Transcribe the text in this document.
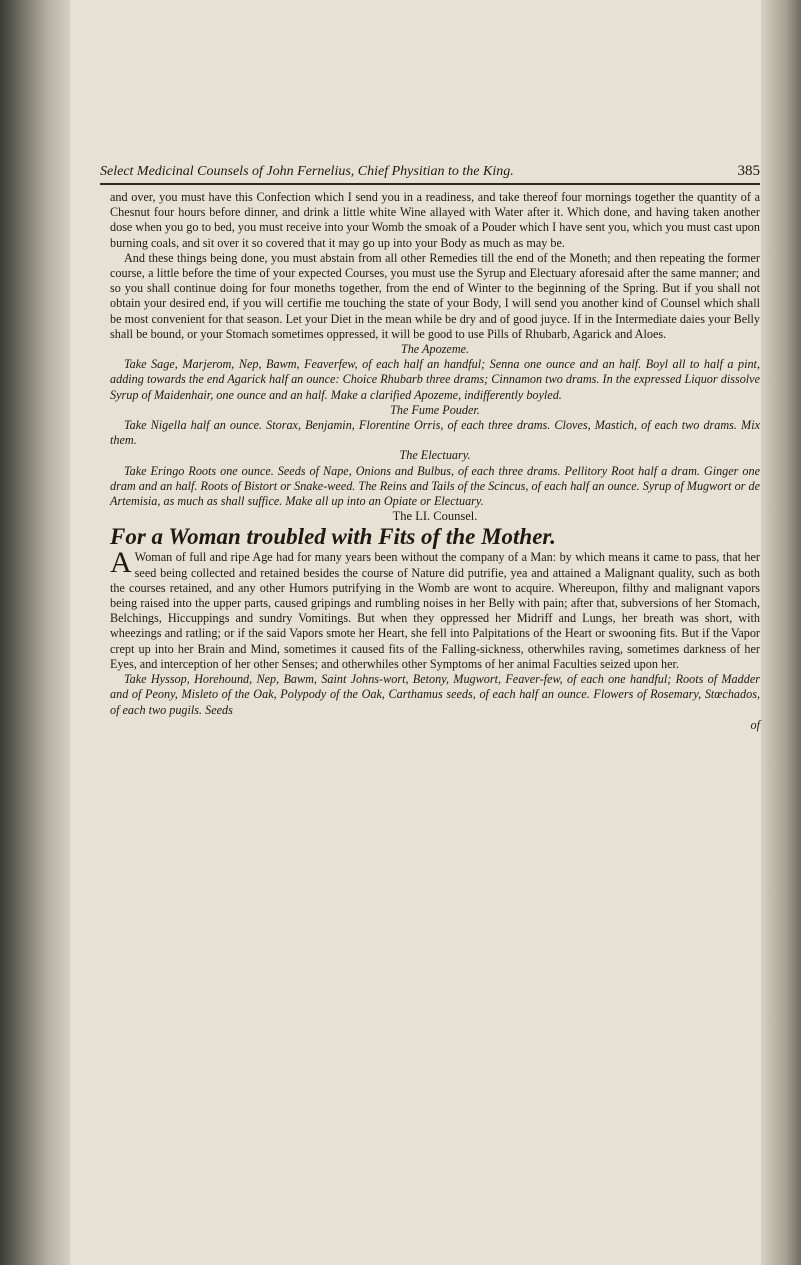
Select Medicinal Counsels of John Fernelius, Chief Physitian to the King.	385

and over, you must have this Confection which I send you in a readiness, and take thereof four mornings together the quantity of a Chesnut four hours before dinner, and drink a little white Wine allayed with Water after it. Which done, and having taken another dose when you go to bed, you must receive into your Womb the smoak of a Pouder which I have sent you, which you must cast upon burning coals, and sit over it so covered that it may go up into your Body as much as may be.

And these things being done, you must abstain from all other Remedies till the end of the Moneth; and then repeating the former course, a little before the time of your expected Courses, you must use the Syrup and Electuary aforesaid after the same manner; and so you shall continue doing for four moneths together, from the end of Winter to the beginning of the Spring. But if you shall not obtain your desired end, if you will certifie me touching the state of your Body, I will send you another kind of Counsel which shall be most convenient for that season. Let your Diet in the mean while be dry and of good juyce. If in the Intermediate daies your Belly shall be bound, or your Stomach sometimes oppressed, it will be good to use Pills of Rhubarb, Agarick and Aloes.

The Apozeme.

Take Sage, Marjerom, Nep, Bawm, Feaverfew, of each half an handful; Senna one ounce and an half. Boyl all to half a pint, adding towards the end Agarick half an ounce: Choice Rhubarb three drams; Cinnamon two drams. In the expressed Liquor dissolve Syrup of Maidenhair, one ounce and an half. Make a clarified Apozeme, indifferently boyled.

The Fume Pouder.

Take Nigella half an ounce. Storax, Benjamin, Florentine Orris, of each three drams. Cloves, Mastich, of each two drams. Mix them.

The Electuary.

Take Eringo Roots one ounce. Seeds of Nape, Onions and Bulbus, of each three drams. Pellitory Root half a dram. Ginger one dram and an half. Roots of Bistort or Snake-weed. The Reins and Tails of the Scincus, of each half an ounce. Syrup of Mugwort or de Artemisia, as much as shall suffice. Make all up into an Opiate or Electuary.

The LI. Counsel.

For a Woman troubled with Fits of the Mother.

A Woman of full and ripe Age had for many years been without the company of a Man: by which means it came to pass, that her seed being collected and retained besides the course of Nature did putrifie, yea and attained a Malignant quality, such as both the courses retained, and any other Humors putrifying in the Womb are wont to acquire. Whereupon, filthy and malignant vapors being raised into the upper parts, caused gripings and rumbling noises in her Belly with pain; after that, subversions of her Stomach, Belchings, Hiccuppings and sundry Vomitings. But when they oppressed her Midriff and Lungs, her breath was short, with wheezings and ratling; or if the said Vapors smote her Heart, she fell into Palpitations of the Heart or swooning fits. But if the Vapor crept up into her Brain and Mind, sometimes it caused fits of the Falling-sickness, otherwhiles raving, sometimes darkness of her Eyes, and interception of her other Senses; and otherwhiles other Symptoms of her animal Faculties seized upon her.

Take Hyssop, Horehound, Nep, Bawm, Saint Johns-wort, Betony, Mugwort, Feaver-few, of each one handful; Roots of Madder and of Peony, Misleto of the Oak, Polypody of the Oak, Carthamus seeds, of each half an ounce. Flowers of Rosemary, Stœchados, of each two pugils. Seeds

of
